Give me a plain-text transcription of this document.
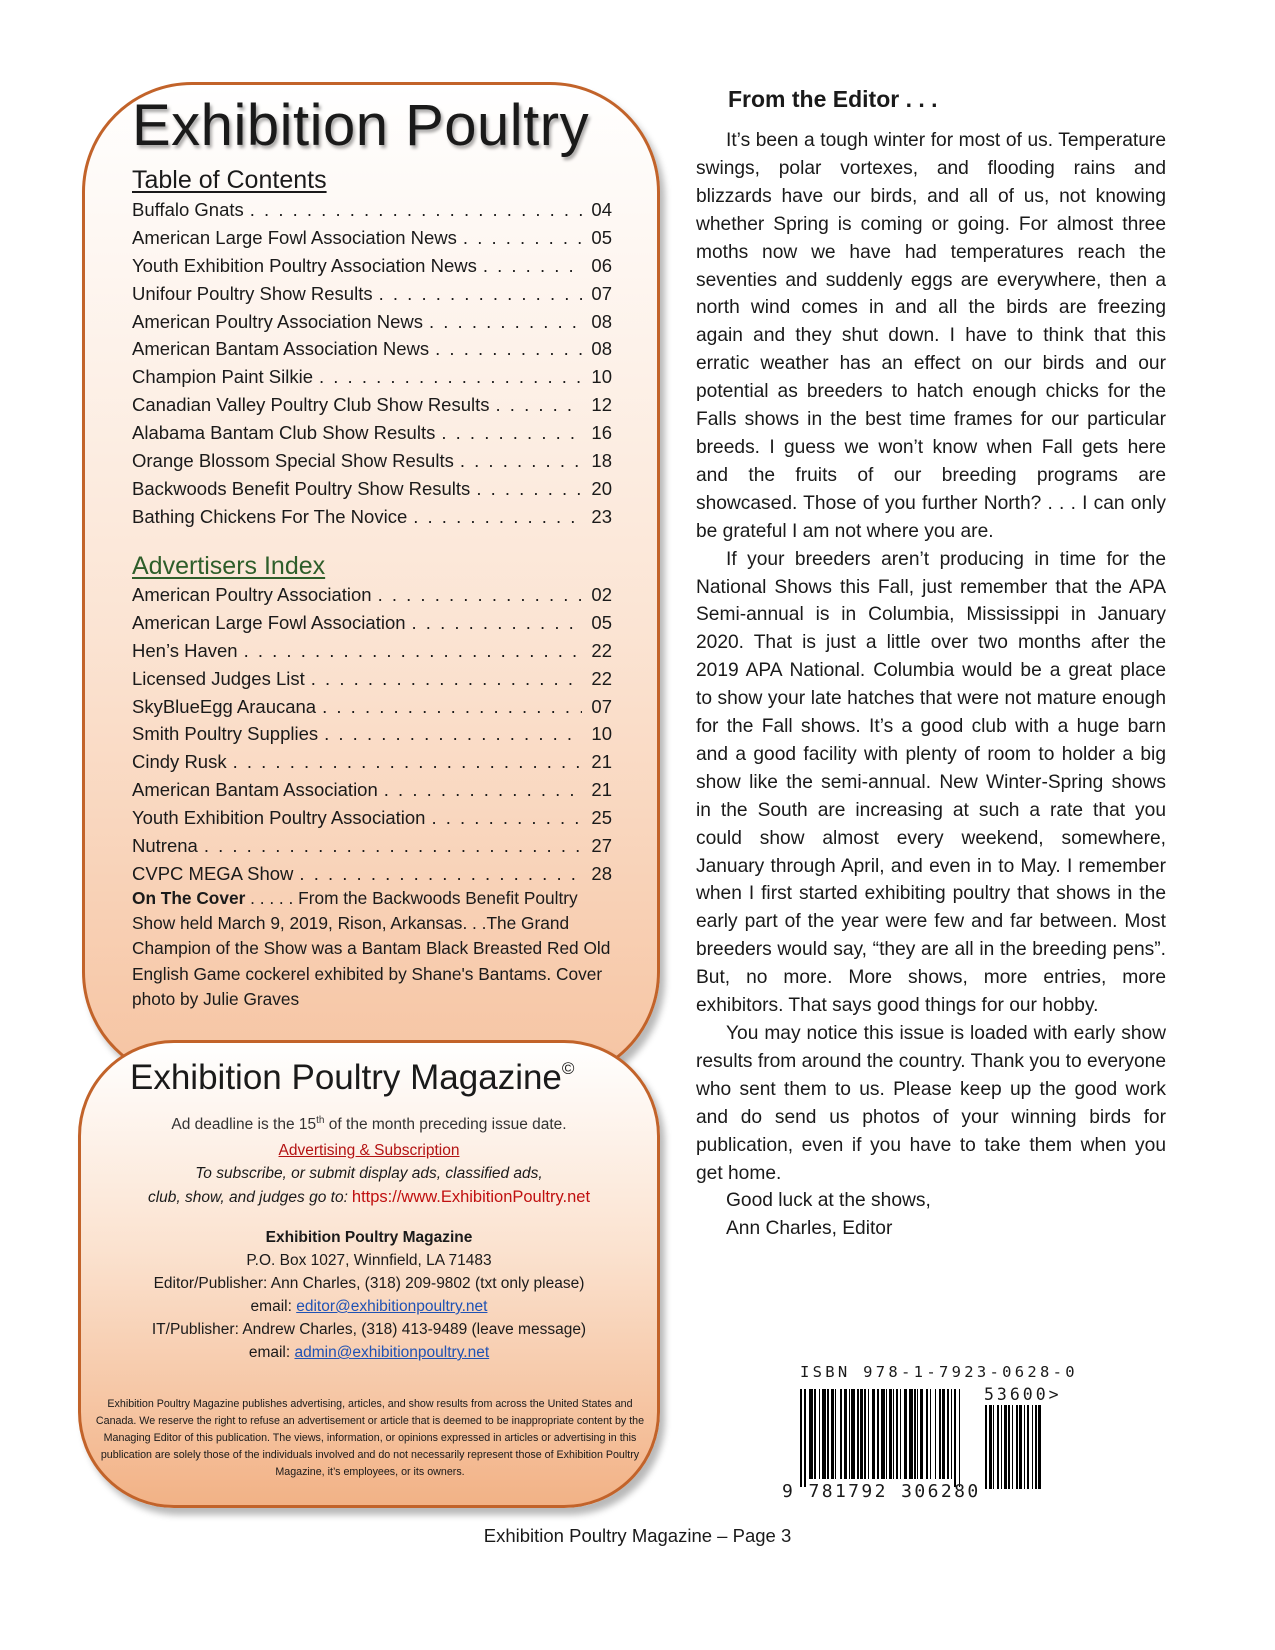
Exhibition Poultry
Table of Contents
Buffalo Gnats . . .	04
American Large Fowl Association News . . .	05
Youth Exhibition Poultry Association News . . .	06
Unifour Poultry Show Results . . .	07
American Poultry Association News . . .	08
American Bantam Association News . . .	08
Champion Paint Silkie . . .	10
Canadian Valley Poultry Club Show Results . . .	12
Alabama Bantam Club Show Results . . .	16
Orange Blossom Special Show Results . . .	18
Backwoods Benefit Poultry Show Results . . .	20
Bathing Chickens For The Novice . . .	23
Advertisers Index
American Poultry Association . . .	02
American Large Fowl Association . . .	05
Hen’s Haven . . .	22
Licensed Judges List . . .	22
SkyBlueEgg Araucana . . .	07
Smith Poultry Supplies . . .	10
Cindy Rusk . . .	21
American Bantam Association . . .	21
Youth Exhibition Poultry Association . . .	25
Nutrena . . .	27
CVPC MEGA Show . . .	28

On The Cover . . . . . From the Backwoods Benefit Poultry Show held March 9, 2019, Rison, Arkansas. . .The Grand Champion of the Show was a Bantam Black Breasted Red Old English Game cockerel exhibited by Shane's Bantams. Cover photo by Julie Graves

Exhibition Poultry Magazine©

Ad deadline is the 15th of the month preceding issue date.

Advertising & Subscription

To subscribe, or submit display ads, classified ads,

club, show, and judges go to: https://www.ExhibitionPoultry.net

Exhibition Poultry Magazine

P.O. Box 1027, Winnfield, LA 71483

Editor/Publisher: Ann Charles, (318) 209-9802 (txt only please)

email: editor@exhibitionpoultry.net

IT/Publisher: Andrew Charles, (318) 413-9489 (leave message)

email: admin@exhibitionpoultry.net

Exhibition Poultry Magazine publishes advertising, articles, and show results from across the United States and Canada. We reserve the right to refuse an advertisement or article that is deemed to be inappropriate content by the Managing Editor of this publication. The views, information, or opinions expressed in articles or advertising in this publication are solely those of the individuals involved and do not necessarily represent those of Exhibition Poultry Magazine, it’s employees, or its owners.

From the Editor . . .

It’s been a tough winter for most of us. Temperature swings, polar vortexes, and flooding rains and blizzards have our birds, and all of us, not knowing whether Spring is coming or going. For almost three moths now we have had temperatures reach the seventies and suddenly eggs are everywhere, then a north wind comes in and all the birds are freezing again and they shut down. I have to think that this erratic weather has an effect on our birds and our potential as breeders to hatch enough chicks for the Falls shows in the best time frames for our particular breeds. I guess we won’t know when Fall gets here and the fruits of our breeding programs are showcased. Those of you further North? . . . I can only be grateful I am not where you are.

If your breeders aren’t producing in time for the National Shows this Fall, just remember that the APA Semi-annual is in Columbia, Mississippi in January 2020. That is just a little over two months after the 2019 APA National. Columbia would be a great place to show your late hatches that were not mature enough for the Fall shows. It’s a good club with a huge barn and a good facility with plenty of room to holder a big show like the semi-annual. New Winter-Spring shows in the South are increasing at such a rate that you could show almost every weekend, somewhere, January through April, and even in to May. I remember when I first started exhibiting poultry that shows in the early part of the year were few and far between. Most breeders would say, “they are all in the breeding pens”. But, no more. More shows, more entries, more exhibitors. That says good things for our hobby.

You may notice this issue is loaded with early show results from around the country. Thank you to everyone who sent them to us. Please keep up the good work and do send us photos of your winning birds for publication, even if you have to take them when you get home.

Good luck at the shows,

Ann Charles, Editor

ISBN 978-1-7923-0628-0

53600>

9 781792 306280

Exhibition Poultry Magazine – Page 3
